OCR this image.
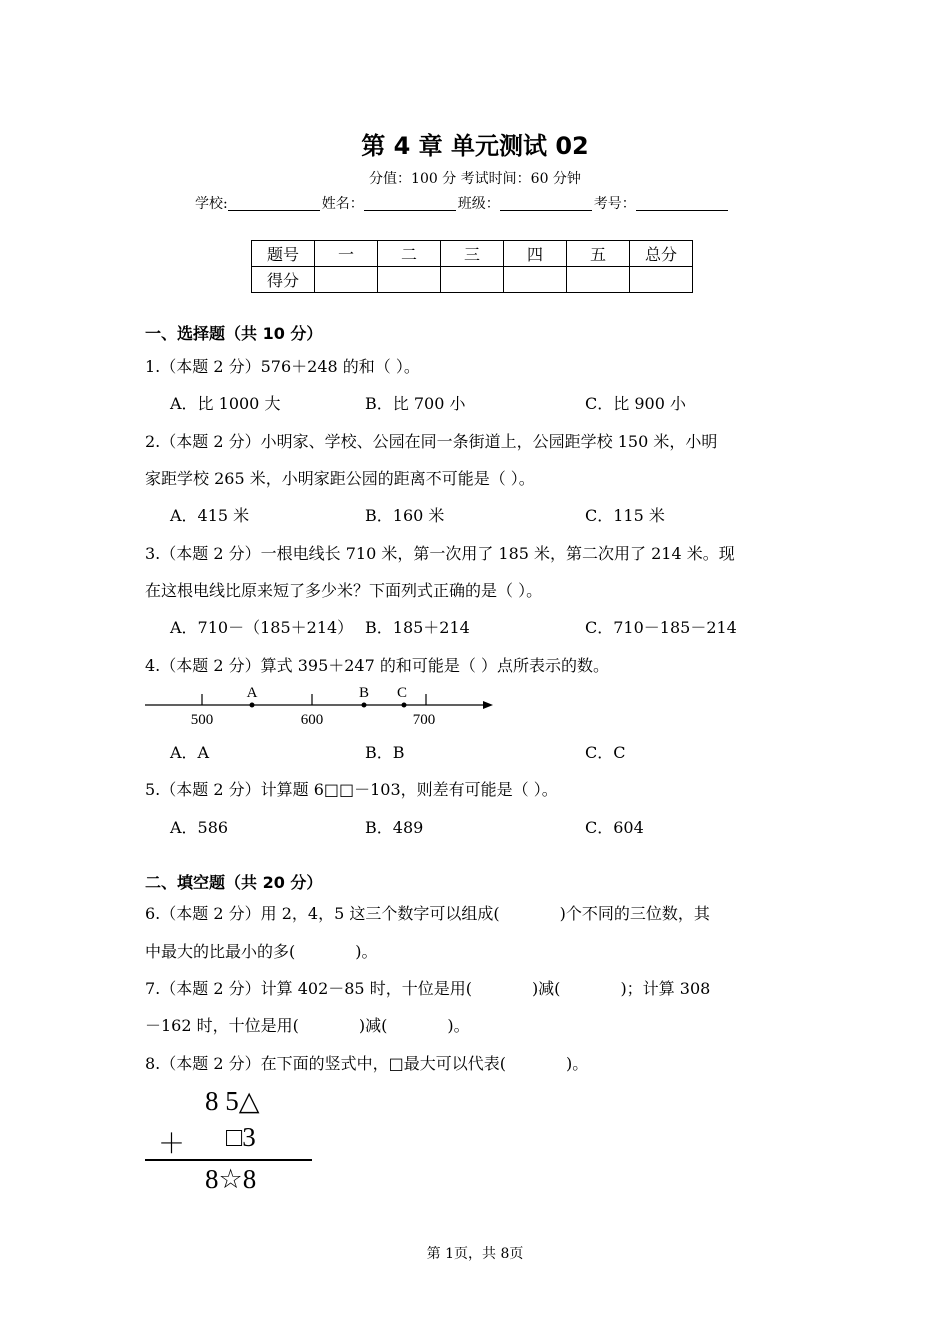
第 4 章 单元测试 02
分值：100 分 考试时间：60 分钟
学校:	姓名：	班级：	考号：
题号	一	二	三	四	五	总分
得分						
一、选择题（共 10 分）
1.（本题 2 分）576＋248 的和（ ）。
A．比 1000 大	B．比 700 小	C．比 900 小
2.（本题 2 分）小明家、学校、公园在同一条街道上，公园距学校 150 米，小明
家距学校 265 米，小明家距公园的距离不可能是（ ）。
A．415 米	B．160 米	C．115 米
3.（本题 2 分）一根电线长 710 米，第一次用了 185 米，第二次用了 214 米。现
在这根电线比原来短了多少米？下面列式正确的是（ ）。
A．710－（185＋214） B．185＋214	C．710－185－214
4.（本题 2 分）算式 395＋247 的和可能是（ ）点所表示的数。
A	B C
500	600	700
A．A	B．B	C．C
5.（本题 2 分）计算题 6□□－103，则差有可能是（ ）。
A．586	B．489	C．604
二、填空题（共 20 分）
6.（本题 2 分）用 2，4，5 这三个数字可以组成(	)个不同的三位数，其
中最大的比最小的多(	)。
7.（本题 2 分）计算 402－85 时，十位是用(	)减(	)；计算 308
－162 时，十位是用(	)减(	)。
8.（本题 2 分）在下面的竖式中，□最大可以代表(	)。
8 5△
＋ □3
8☆8
第 1页，共 8页
